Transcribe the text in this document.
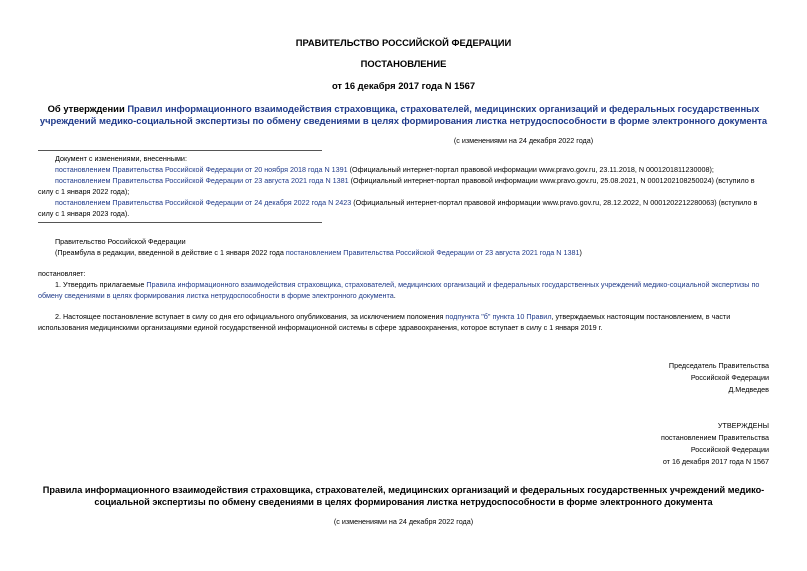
ПРАВИТЕЛЬСТВО РОССИЙСКОЙ ФЕДЕРАЦИИ
ПОСТАНОВЛЕНИЕ
от 16 декабря 2017 года N 1567
Об утверждении Правил информационного взаимодействия страховщика, страхователей, медицинских организаций и федеральных государственных
учреждений медико-социальной экспертизы по обмену сведениями в целях формирования листка нетрудоспособности в форме электронного документа
(с изменениями на 24 декабря 2022 года)
Документ с изменениями, внесенными:
постановлением Правительства Российской Федерации от 20 ноября 2018 года N 1391 (Официальный интернет-портал правовой информации www.pravo.gov.ru, 23.11.2018, N 0001201811230008);
постановлением Правительства Российской Федерации от 23 августа 2021 года N 1381 (Официальный интернет-портал правовой информации www.pravo.gov.ru, 25.08.2021, N 0001202108250024) (вступило в
силу с 1 января 2022 года);
постановлением Правительства Российской Федерации от 24 декабря 2022 года N 2423 (Официальный интернет-портал правовой информации www.pravo.gov.ru, 28.12.2022, N 0001202212280063) (вступило в
силу с 1 января 2023 года).
Правительство Российской Федерации
(Преамбула в редакции, введенной в действие с 1 января 2022 года постановлением Правительства Российской Федерации от 23 августа 2021 года N 1381)
постановляет:
1. Утвердить прилагаемые Правила информационного взаимодействия страховщика, страхователей, медицинских организаций и федеральных государственных учреждений медико-социальной экспертизы по
обмену сведениями в целях формирования листка нетрудоспособности в форме электронного документа.
2. Настоящее постановление вступает в силу со дня его официального опубликования, за исключением положения подпункта "б" пункта 10 Правил, утверждаемых настоящим постановлением, в части
использования медицинскими организациями единой государственной информационной системы в сфере здравоохранения, которое вступает в силу с 1 января 2019 г.
Председатель Правительства
Российской Федерации
Д.Медведев
УТВЕРЖДЕНЫ
постановлением Правительства
Российской Федерации
от 16 декабря 2017 года N 1567
Правила информационного взаимодействия страховщика, страхователей, медицинских организаций и федеральных государственных учреждений медико-
социальной экспертизы по обмену сведениями в целях формирования листка нетрудоспособности в форме электронного документа
(с изменениями на 24 декабря 2022 года)
